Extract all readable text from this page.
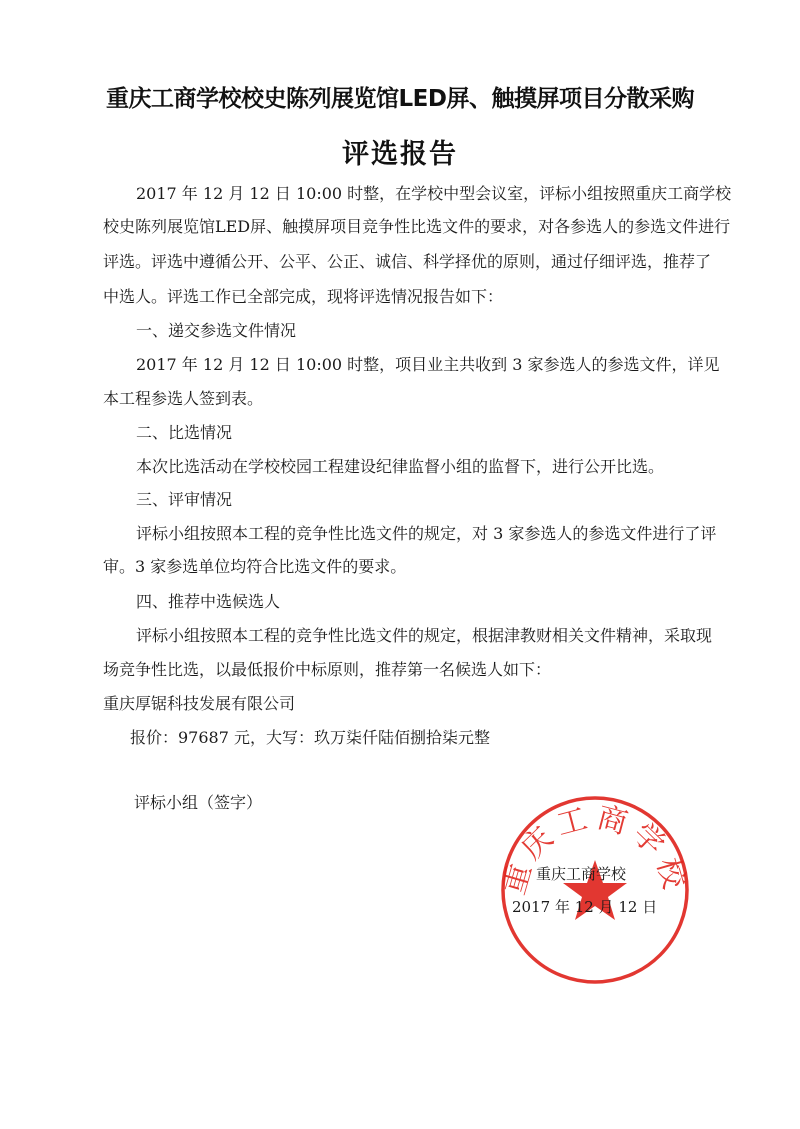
重庆工商学校校史陈列展览馆LED屏、触摸屏项目分散采购
评选报告
2017 年 12 月 12 日 10:00 时整，在学校中型会议室，评标小组按照重庆工商学校
校史陈列展览馆LED屏、触摸屏项目竞争性比选文件的要求，对各参选人的参选文件进行
评选。评选中遵循公开、公平、公正、诚信、科学择优的原则，通过仔细评选，推荐了
中选人。评选工作已全部完成，现将评选情况报告如下：
一、递交参选文件情况
2017 年 12 月 12 日 10:00 时整，项目业主共收到 3 家参选人的参选文件，详见
本工程参选人签到表。
二、比选情况
本次比选活动在学校校园工程建设纪律监督小组的监督下，进行公开比选。
三、评审情况
评标小组按照本工程的竞争性比选文件的规定，对 3 家参选人的参选文件进行了评
审。3 家参选单位均符合比选文件的要求。
四、推荐中选候选人
评标小组按照本工程的竞争性比选文件的规定，根据津教财相关文件精神，采取现
场竞争性比选，以最低报价中标原则，推荐第一名候选人如下：
重庆厚锯科技发展有限公司
报价：97687 元，大写：玖万柒仟陆佰捌拾柒元整
评标小组（签字）
重庆工商学校
重庆工商学校
2017 年 12 月 12 日
